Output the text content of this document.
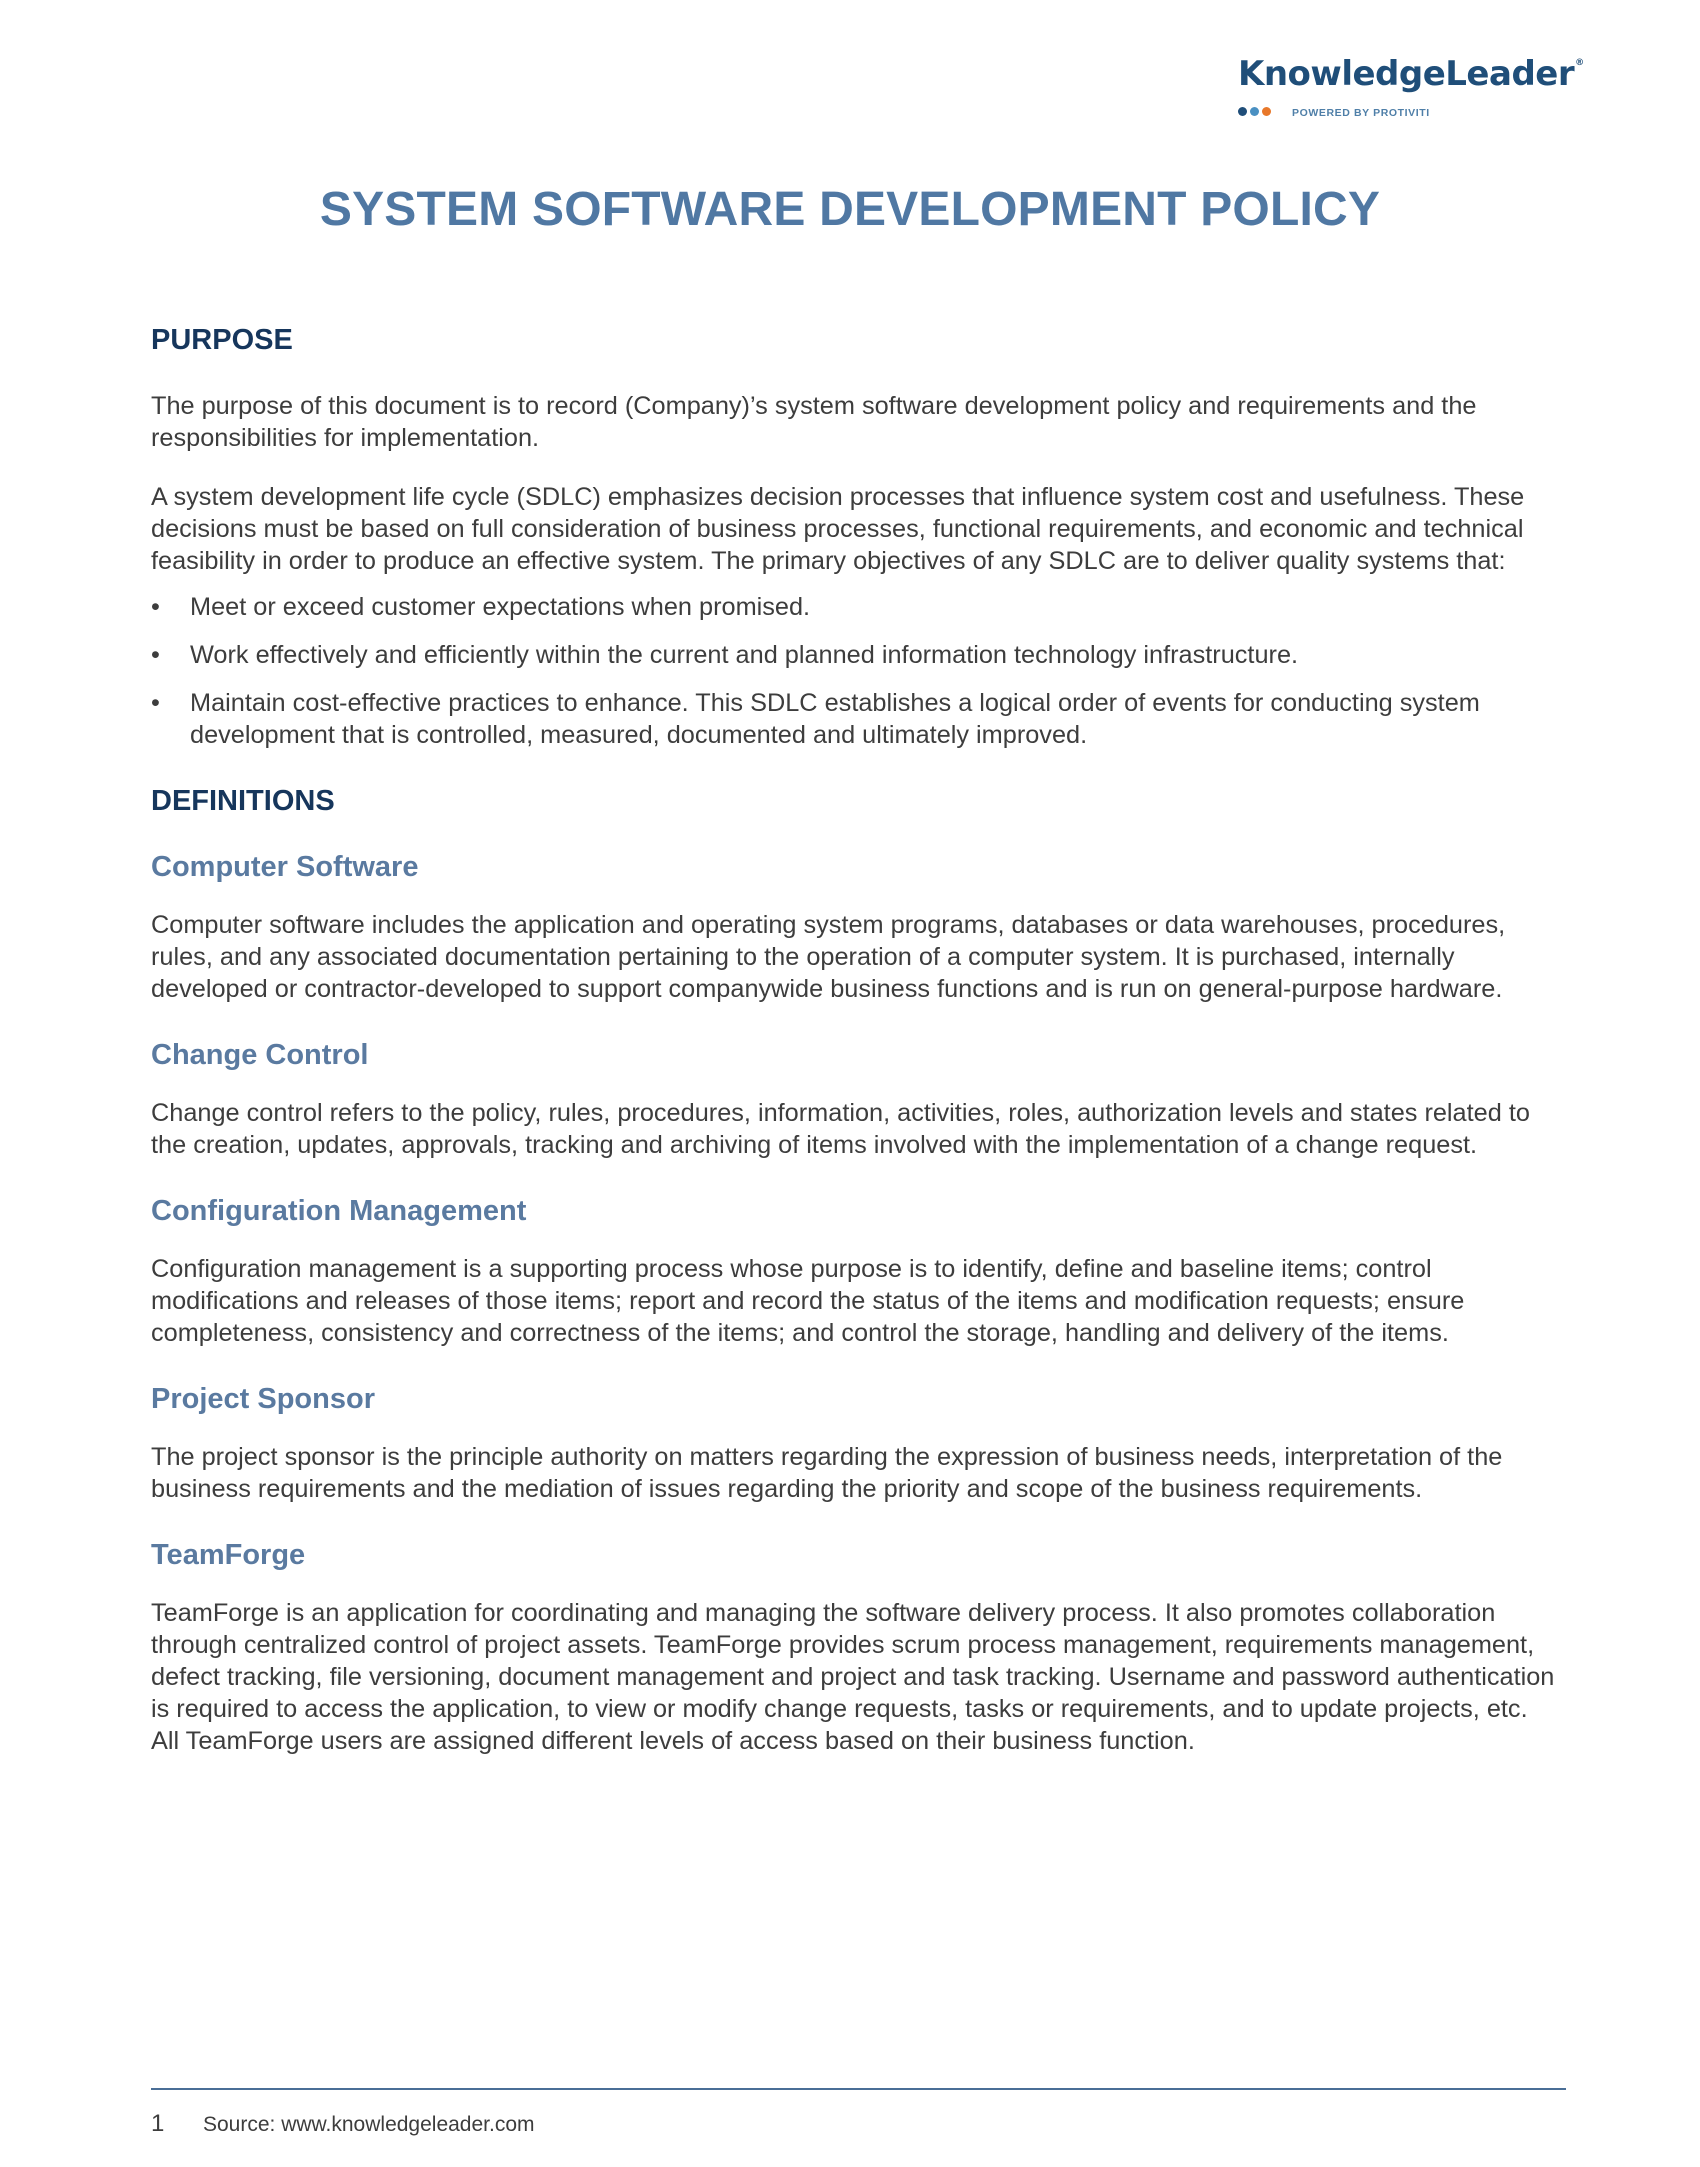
KnowledgeLeader®
POWERED BY PROTIVITI
SYSTEM SOFTWARE DEVELOPMENT POLICY
PURPOSE

The purpose of this document is to record (Company)’s system software development policy and requirements and the responsibilities for implementation.

A system development life cycle (SDLC) emphasizes decision processes that influence system cost and usefulness. These decisions must be based on full consideration of business processes, functional requirements, and economic and technical feasibility in order to produce an effective system. The primary objectives of any SDLC are to deliver quality systems that:

• Meet or exceed customer expectations when promised.
• Work effectively and efficiently within the current and planned information technology infrastructure.
• Maintain cost-effective practices to enhance. This SDLC establishes a logical order of events for conducting system development that is controlled, measured, documented and ultimately improved.
DEFINITIONS
Computer Software

Computer software includes the application and operating system programs, databases or data warehouses, procedures, rules, and any associated documentation pertaining to the operation of a computer system. It is purchased, internally developed or contractor-developed to support companywide business functions and is run on general-purpose hardware.

Change Control

Change control refers to the policy, rules, procedures, information, activities, roles, authorization levels and states related to the creation, updates, approvals, tracking and archiving of items involved with the implementation of a change request.

Configuration Management

Configuration management is a supporting process whose purpose is to identify, define and baseline items; control modifications and releases of those items; report and record the status of the items and modification requests; ensure completeness, consistency and correctness of the items; and control the storage, handling and delivery of the items.

Project Sponsor

The project sponsor is the principle authority on matters regarding the expression of business needs, interpretation of the business requirements and the mediation of issues regarding the priority and scope of the business requirements.

TeamForge

TeamForge is an application for coordinating and managing the software delivery process. It also promotes collaboration through centralized control of project assets. TeamForge provides scrum process management, requirements management, defect tracking, file versioning, document management and project and task tracking. Username and password authentication is required to access the application, to view or modify change requests, tasks or requirements, and to update projects, etc. All TeamForge users are assigned different levels of access based on their business function.

1 Source: www.knowledgeleader.com
